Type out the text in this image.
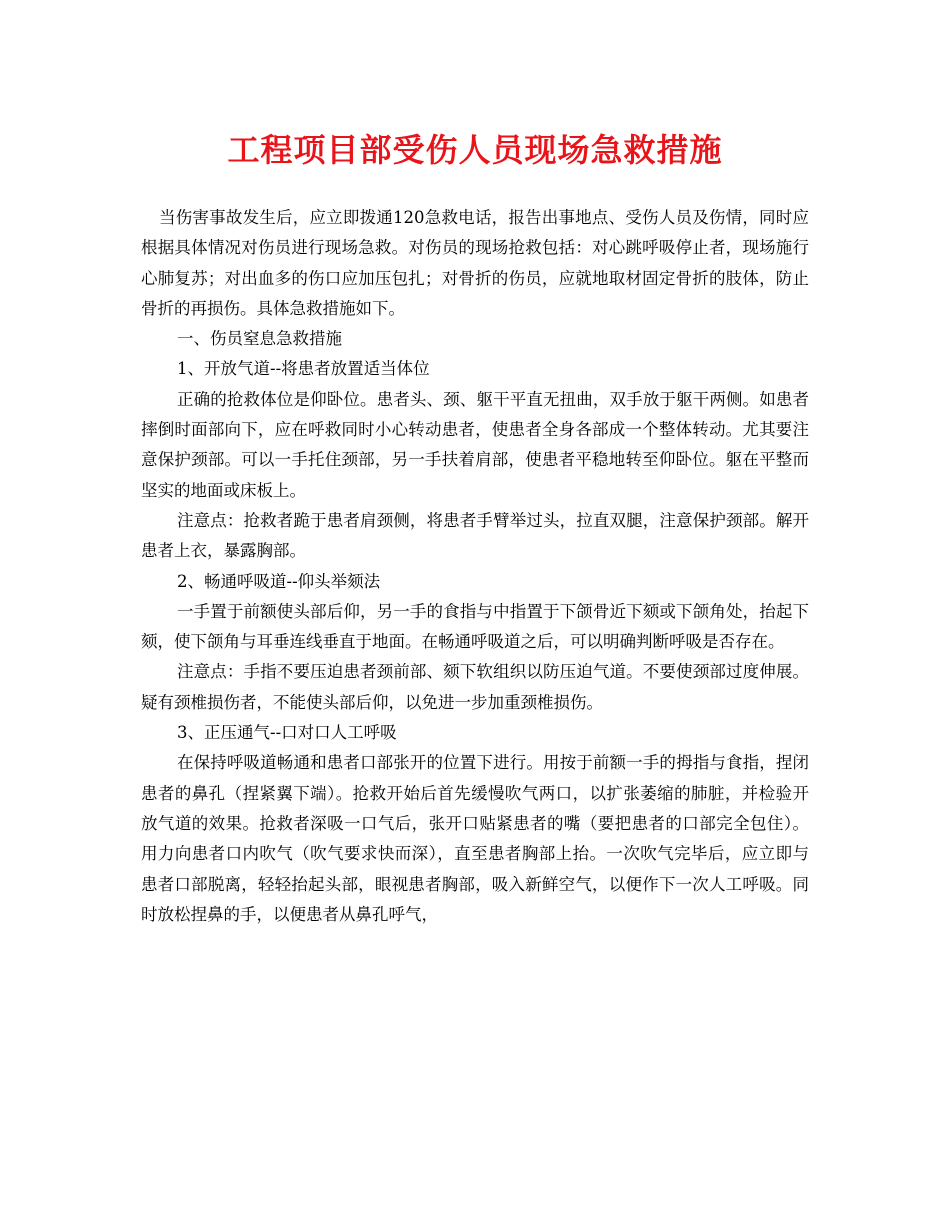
工程项目部受伤人员现场急救措施

当伤害事故发生后，应立即拨通120急救电话，报告出事地点、受伤人员及伤情，同时应根据具体情况对伤员进行现场急救。对伤员的现场抢救包括：对心跳呼吸停止者，现场施行心肺复苏；对出血多的伤口应加压包扎；对骨折的伤员，应就地取材固定骨折的肢体，防止骨折的再损伤。具体急救措施如下。

一、伤员窒息急救措施

1、开放气道--将患者放置适当体位

正确的抢救体位是仰卧位。患者头、颈、躯干平直无扭曲，双手放于躯干两侧。如患者摔倒时面部向下，应在呼救同时小心转动患者，使患者全身各部成一个整体转动。尤其要注意保护颈部。可以一手托住颈部，另一手扶着肩部，使患者平稳地转至仰卧位。躯在平整而坚实的地面或床板上。

注意点：抢救者跪于患者肩颈侧，将患者手臂举过头，拉直双腿，注意保护颈部。解开患者上衣，暴露胸部。

2、畅通呼吸道--仰头举颏法

一手置于前额使头部后仰，另一手的食指与中指置于下颌骨近下颏或下颌角处，抬起下颏，使下颌角与耳垂连线垂直于地面。在畅通呼吸道之后，可以明确判断呼吸是否存在。

注意点：手指不要压迫患者颈前部、颏下软组织以防压迫气道。不要使颈部过度伸展。疑有颈椎损伤者，不能使头部后仰，以免进一步加重颈椎损伤。

3、正压通气--口对口人工呼吸

在保持呼吸道畅通和患者口部张开的位置下进行。用按于前额一手的拇指与食指，捏闭患者的鼻孔（捏紧翼下端）。抢救开始后首先缓慢吹气两口，以扩张萎缩的肺脏，并检验开放气道的效果。抢救者深吸一口气后，张开口贴紧患者的嘴（要把患者的口部完全包住）。用力向患者口内吹气（吹气要求快而深），直至患者胸部上抬。一次吹气完毕后，应立即与患者口部脱离，轻轻抬起头部，眼视患者胸部，吸入新鲜空气，以便作下一次人工呼吸。同时放松捏鼻的手，以便患者从鼻孔呼气，
